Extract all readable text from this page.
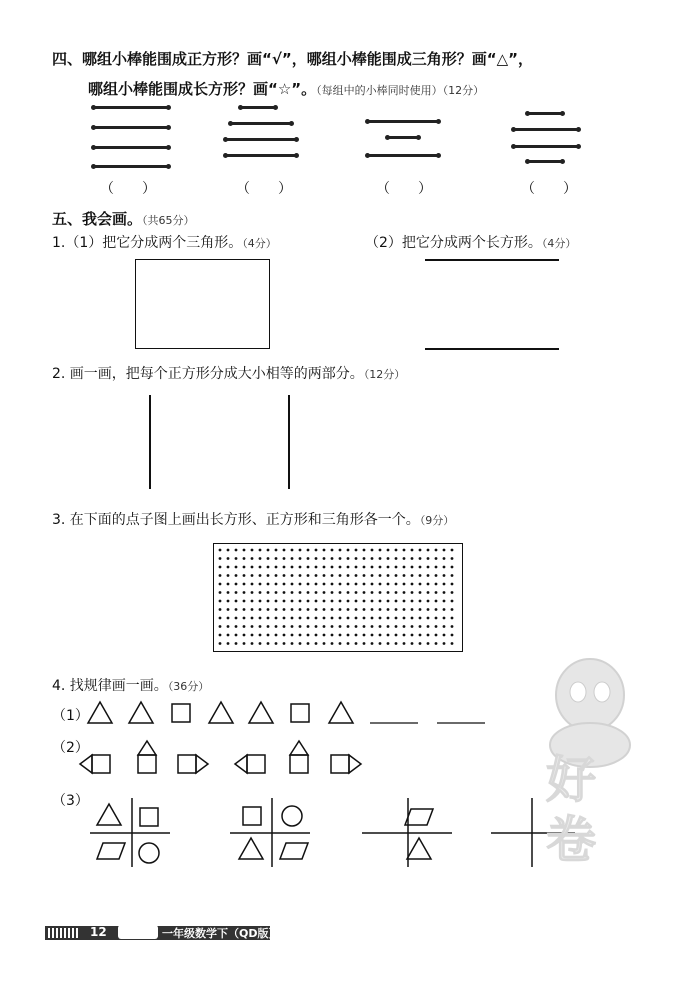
四、哪组小棒能围成正方形？画“√”，哪组小棒能围成三角形？画“△”，
哪组小棒能围成长方形？画“☆”。（每组中的小棒同时使用）（12分）
（　　）	（　　）	（　　）	（　　）
五、我会画。（共65分）
1.（1）把它分成两个三角形。（4分）	（2）把它分成两个长方形。（4分）
2. 画一画，把每个正方形分成大小相等的两部分。（12分）
3. 在下面的点子图上画出长方形、正方形和三角形各一个。（9分）
4. 找规律画一画。（36分）
（1）
（2）
（3）	好卷
12	一年级数学下（QD版）
